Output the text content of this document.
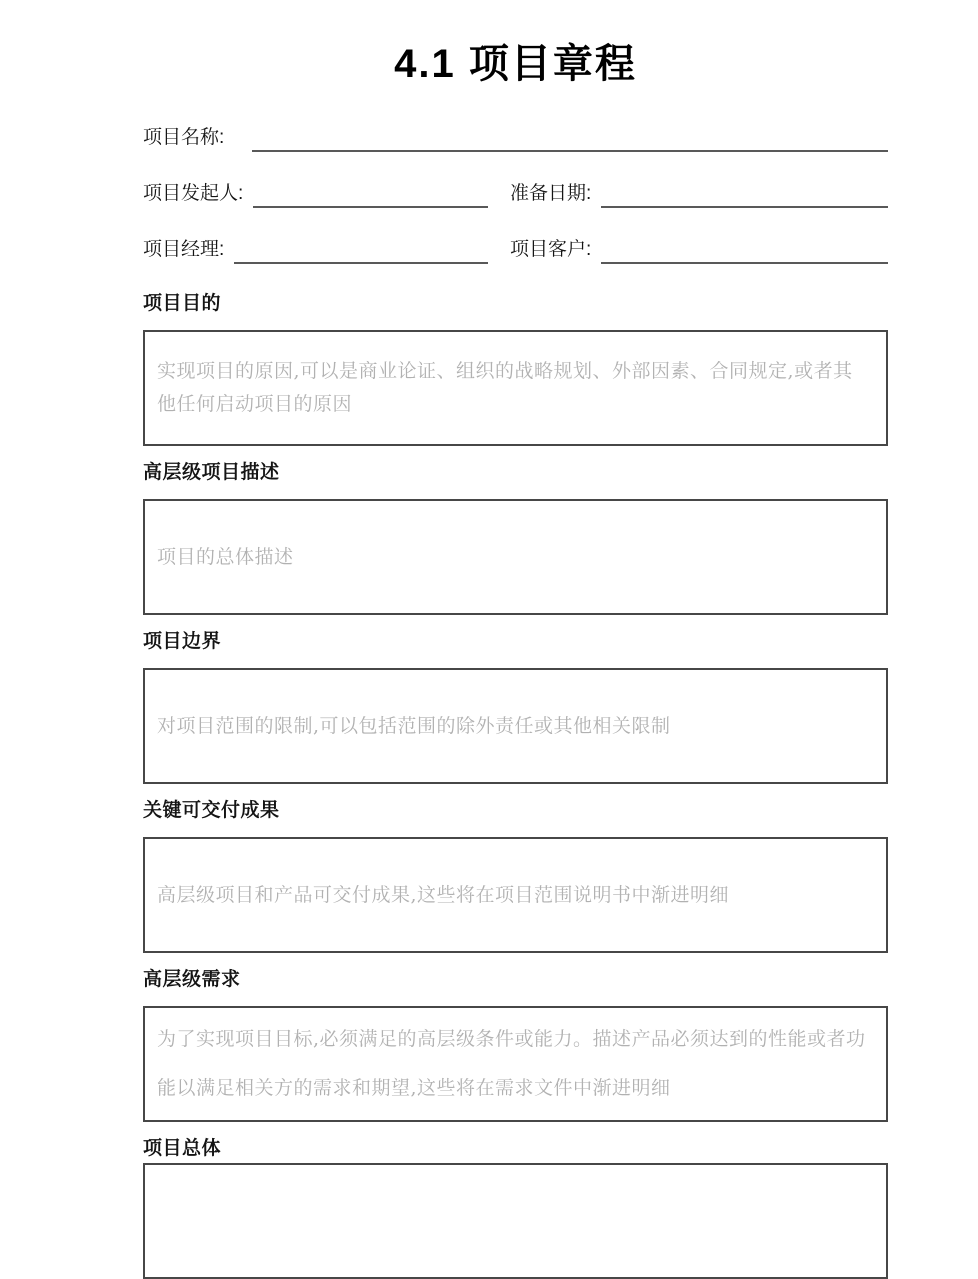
4.1 项目章程
项目名称:
项目发起人:	准备日期:
项目经理:	项目客户:
项目目的
实现项目的原因,可以是商业论证、组织的战略规划、外部因素、合同规定,或者其他任何启动项目的原因
高层级项目描述
项目的总体描述
项目边界
对项目范围的限制,可以包括范围的除外责任或其他相关限制
关键可交付成果
高层级项目和产品可交付成果,这些将在项目范围说明书中渐进明细
高层级需求
为了实现项目目标,必须满足的高层级条件或能力。描述产品必须达到的性能或者功能以满足相关方的需求和期望,这些将在需求文件中渐进明细
项目总体
